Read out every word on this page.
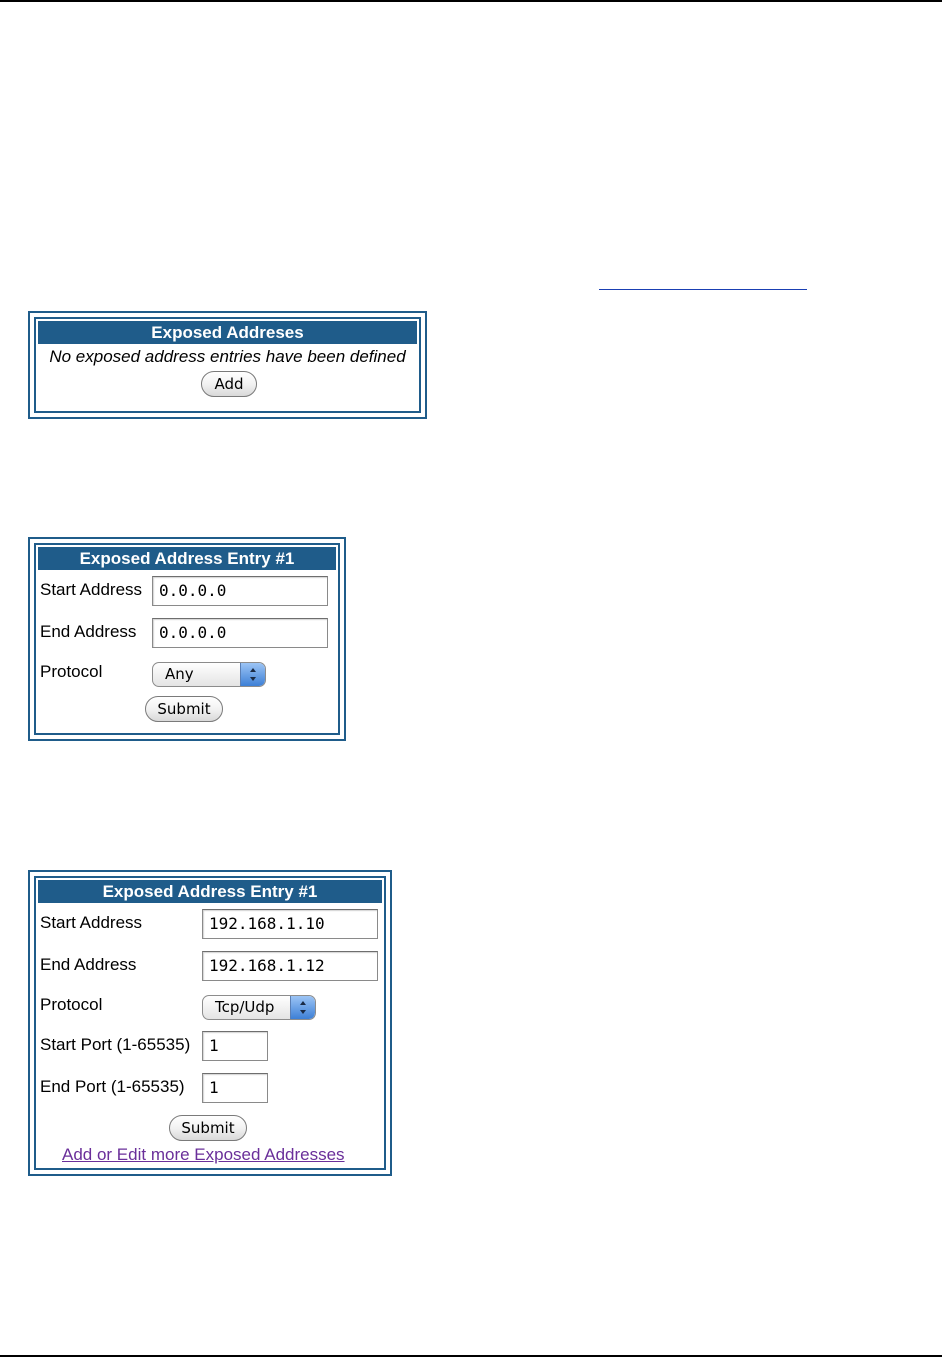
Exposed Addreses
No exposed address entries have been defined
Add
Exposed Address Entry #1
Start Address	0.0.0.0
End Address	0.0.0.0
Protocol	Any
Submit
Exposed Address Entry #1
Start Address	192.168.1.10
End Address	192.168.1.12
Protocol	Tcp/Udp
Start Port (1-65535)	1
End Port (1-65535)	1
Submit
Add or Edit more Exposed Addresses
